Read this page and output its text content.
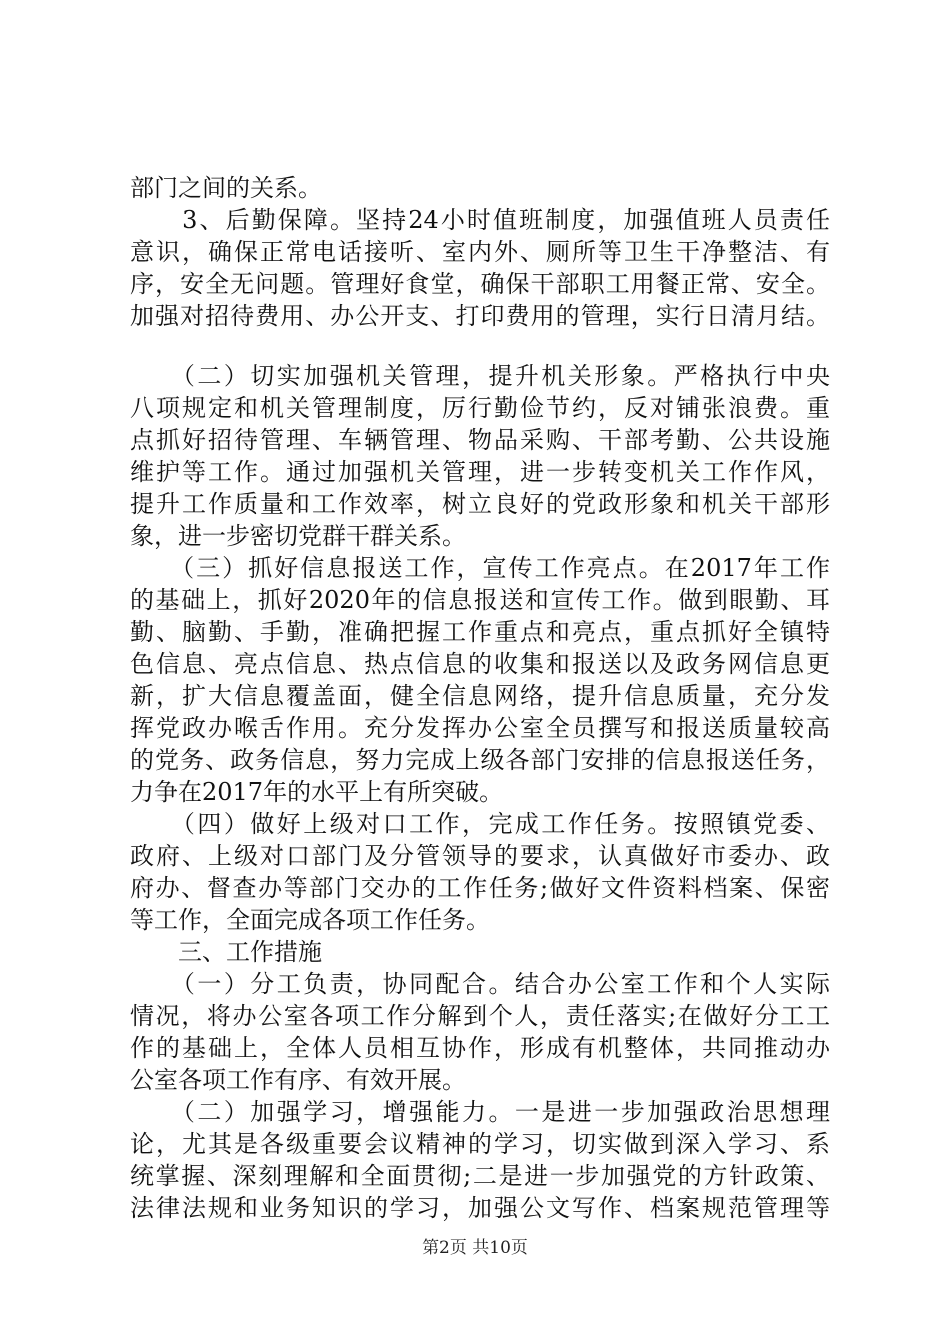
部门之间的关系。
　　3、后勤保障。坚持24小时值班制度，加强值班人员责任
意识，确保正常电话接听、室内外、厕所等卫生干净整洁、有
序，安全无问题。管理好食堂，确保干部职工用餐正常、安全。
加强对招待费用、办公开支、打印费用的管理，实行日清月结。
　　（二）切实加强机关管理，提升机关形象。严格执行中央
八项规定和机关管理制度，厉行勤俭节约，反对铺张浪费。重
点抓好招待管理、车辆管理、物品采购、干部考勤、公共设施
维护等工作。通过加强机关管理，进一步转变机关工作作风，
提升工作质量和工作效率，树立良好的党政形象和机关干部形
象，进一步密切党群干群关系。
　　（三）抓好信息报送工作，宣传工作亮点。在2017年工作
的基础上，抓好2020年的信息报送和宣传工作。做到眼勤、耳
勤、脑勤、手勤，准确把握工作重点和亮点，重点抓好全镇特
色信息、亮点信息、热点信息的收集和报送以及政务网信息更
新，扩大信息覆盖面，健全信息网络，提升信息质量，充分发
挥党政办喉舌作用。充分发挥办公室全员撰写和报送质量较高
的党务、政务信息，努力完成上级各部门安排的信息报送任务，
力争在2017年的水平上有所突破。
　　（四）做好上级对口工作，完成工作任务。按照镇党委、
政府、上级对口部门及分管领导的要求，认真做好市委办、政
府办、督查办等部门交办的工作任务;做好文件资料档案、保密
等工作，全面完成各项工作任务。
　　三、工作措施
　　（一）分工负责，协同配合。结合办公室工作和个人实际
情况，将办公室各项工作分解到个人，责任落实;在做好分工工
作的基础上，全体人员相互协作，形成有机整体，共同推动办
公室各项工作有序、有效开展。
　　（二）加强学习，增强能力。一是进一步加强政治思想理
论，尤其是各级重要会议精神的学习，切实做到深入学习、系
统掌握、深刻理解和全面贯彻;二是进一步加强党的方针政策、
法律法规和业务知识的学习，加强公文写作、档案规范管理等
第2页 共10页
